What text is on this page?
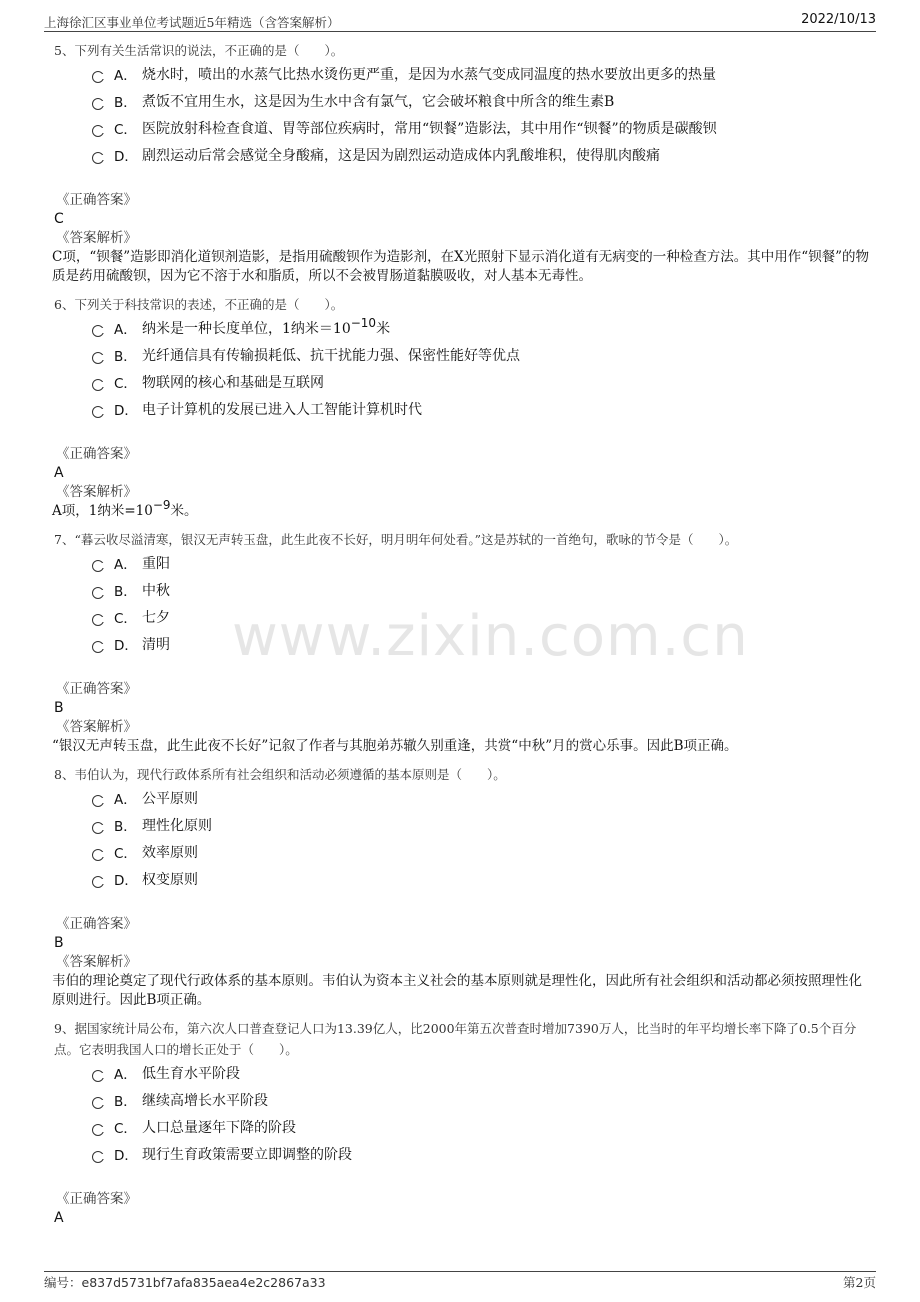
上海徐汇区事业单位考试题近5年精选（含答案解析）	2022/10/13
www.zixin.com.cn

5、下列有关生活常识的说法，不正确的是（　　）。

A． 烧水时，喷出的水蒸气比热水烫伤更严重，是因为水蒸气变成同温度的热水要放出更多的热量
B． 煮饭不宜用生水，这是因为生水中含有氯气，它会破坏粮食中所含的维生素B
C． 医院放射科检查食道、胃等部位疾病时，常用“钡餐”造影法，其中用作“钡餐”的物质是碳酸钡
D． 剧烈运动后常会感觉全身酸痛，这是因为剧烈运动造成体内乳酸堆积，使得肌肉酸痛

《正确答案》

C

《答案解析》

C项，“钡餐”造影即消化道钡剂造影，是指用硫酸钡作为造影剂，在X光照射下显示消化道有无病变的一种检查方法。其中用作“钡餐”的物质是药用硫酸钡，因为它不溶于水和脂质，所以不会被胃肠道黏膜吸收，对人基本无毒性。

6、下列关于科技常识的表述，不正确的是（　　）。

A． 纳米是一种长度单位，1纳米＝10−10米
B． 光纤通信具有传输损耗低、抗干扰能力强、保密性能好等优点
C． 物联网的核心和基础是互联网
D． 电子计算机的发展已进入人工智能计算机时代

《正确答案》

A

《答案解析》

A项，1纳米=10−9米。

7、“暮云收尽溢清寒，银汉无声转玉盘，此生此夜不长好，明月明年何处看。”这是苏轼的一首绝句，歌咏的节令是（　　）。

A． 重阳
B． 中秋
C． 七夕
D． 清明

《正确答案》

B

《答案解析》

“银汉无声转玉盘，此生此夜不长好”记叙了作者与其胞弟苏辙久别重逢，共赏“中秋”月的赏心乐事。因此B项正确。

8、韦伯认为，现代行政体系所有社会组织和活动必须遵循的基本原则是（　　）。

A． 公平原则
B． 理性化原则
C． 效率原则
D． 权变原则

《正确答案》

B

《答案解析》

韦伯的理论奠定了现代行政体系的基本原则。韦伯认为资本主义社会的基本原则就是理性化，因此所有社会组织和活动都必须按照理性化原则进行。因此B项正确。

9、据国家统计局公布，第六次人口普查登记人口为13.39亿人，比2000年第五次普查时增加7390万人，比当时的年平均增长率下降了0.5个百分点。它表明我国人口的增长正处于（　　）。

A． 低生育水平阶段
B． 继续高增长水平阶段
C． 人口总量逐年下降的阶段
D． 现行生育政策需要立即调整的阶段

《正确答案》

A

编号：e837d5731bf7afa835aea4e2c2867a33	第2页
